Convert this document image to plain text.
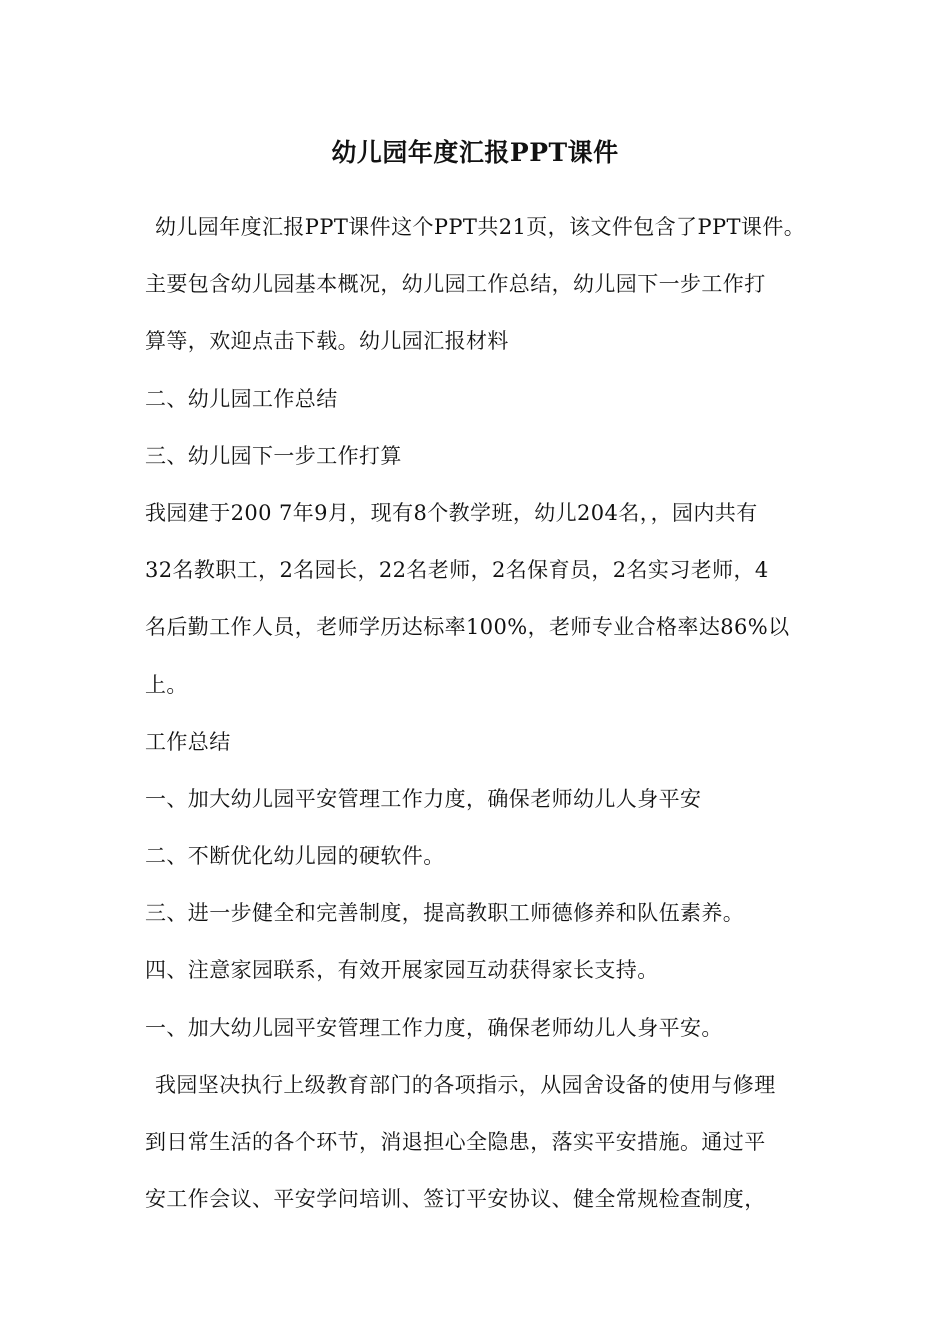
幼儿园年度汇报PPT课件
幼儿园年度汇报PPT课件这个PPT共21页，该文件包含了PPT课件。
主要包含幼儿园基本概况，幼儿园工作总结，幼儿园下一步工作打
算等，欢迎点击下载。幼儿园汇报材料
二、幼儿园工作总结
三、幼儿园下一步工作打算
我园建于200 7年9月，现有8个教学班，幼儿204名，，园内共有
32名教职工，2名园长，22名老师，2名保育员，2名实习老师，4
名后勤工作人员，老师学历达标率100%，老师专业合格率达86%以
上。
工作总结
一、加大幼儿园平安管理工作力度，确保老师幼儿人身平安
二、不断优化幼儿园的硬软件。
三、进一步健全和完善制度，提高教职工师德修养和队伍素养。
四、注意家园联系，有效开展家园互动获得家长支持。
一、加大幼儿园平安管理工作力度，确保老师幼儿人身平安。
我园坚决执行上级教育部门的各项指示，从园舍设备的使用与修理
到日常生活的各个环节，消退担心全隐患，落实平安措施。通过平
安工作会议、平安学问培训、签订平安协议、健全常规检查制度，
